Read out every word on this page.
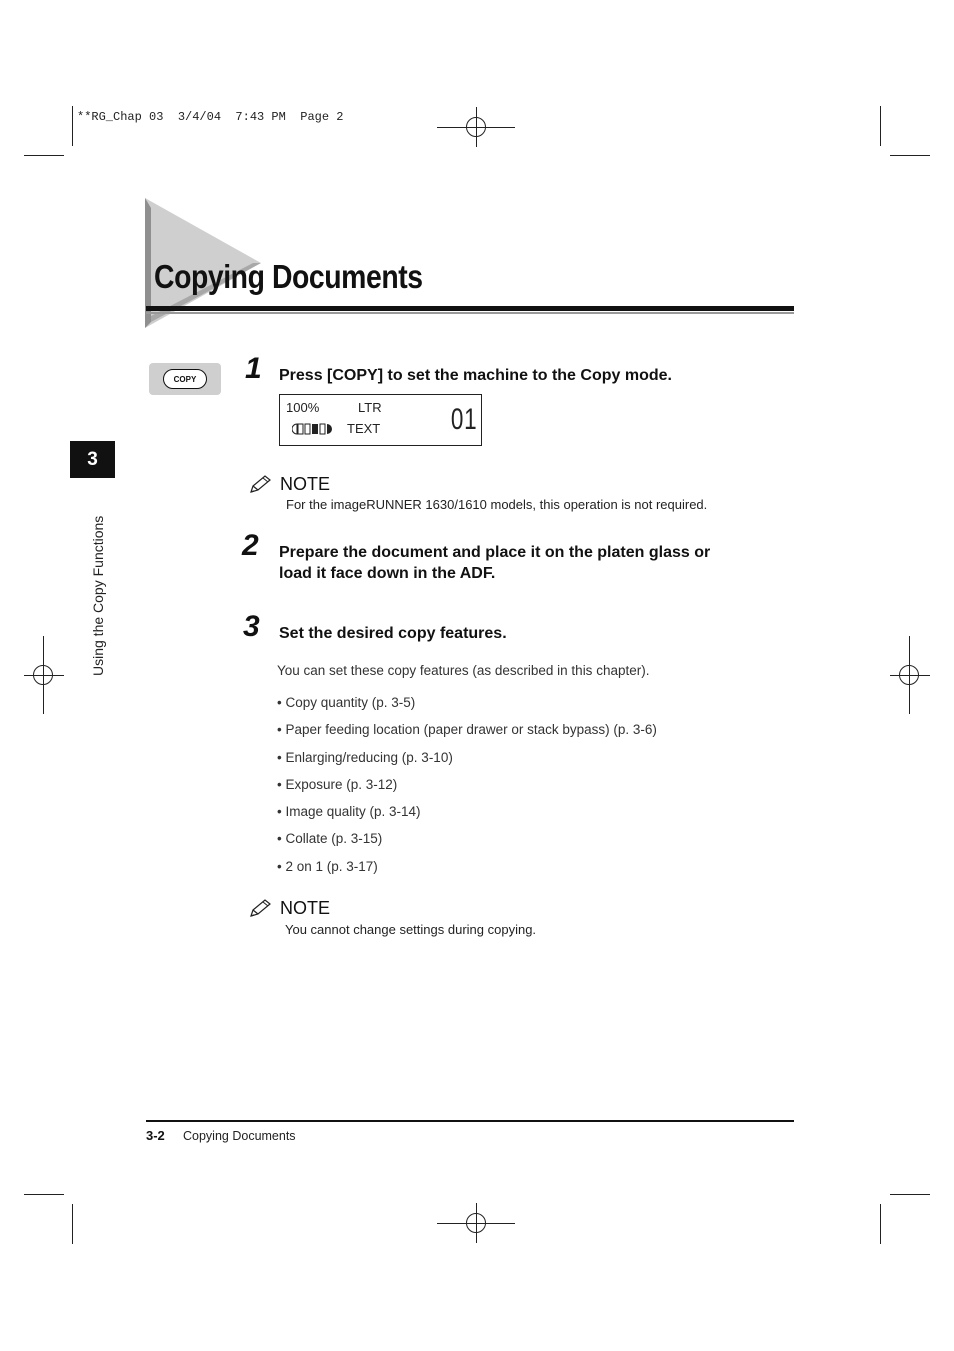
**RG_Chap 03  3/4/04  7:43 PM  Page 2
Copying Documents
3
Using the Copy Functions
COPY	1 Press [COPY] to set the machine to the Copy mode.
100%	LTR
TEXT 01
NOTE
For the imageRUNNER 1630/1610 models, this operation is not required.
2 Prepare the document and place it on the platen glass or
load it face down in the ADF.
3 Set the desired copy features.
You can set these copy features (as described in this chapter).
• Copy quantity (p. 3-5)
• Paper feeding location (paper drawer or stack bypass) (p. 3-6)
• Enlarging/reducing (p. 3-10)
• Exposure (p. 3-12)
• Image quality (p. 3-14)
• Collate (p. 3-15)
• 2 on 1 (p. 3-17)
NOTE
You cannot change settings during copying.
3-2 Copying Documents
